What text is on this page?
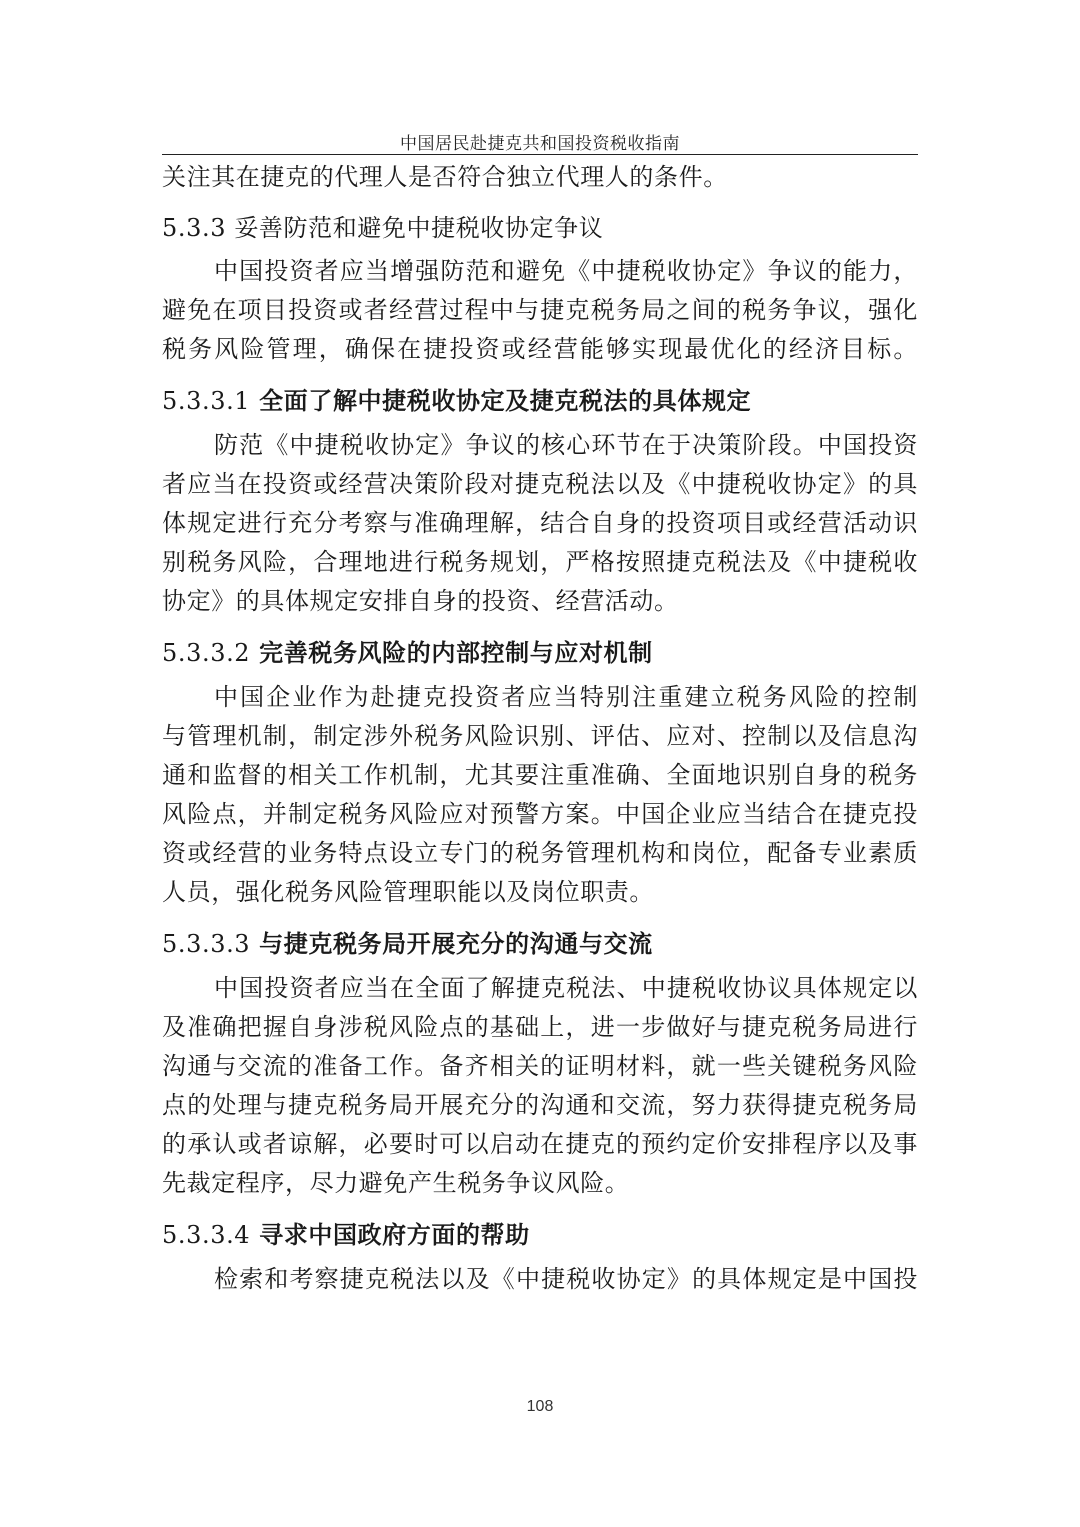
中国居民赴捷克共和国投资税收指南
关注其在捷克的代理人是否符合独立代理人的条件。
5.3.3 妥善防范和避免中捷税收协定争议
中国投资者应当增强防范和避免《中捷税收协定》争议的能力，
避免在项目投资或者经营过程中与捷克税务局之间的税务争议，强化
税务风险管理，确保在捷投资或经营能够实现最优化的经济目标。
5.3.3.1 全面了解中捷税收协定及捷克税法的具体规定
防范《中捷税收协定》争议的核心环节在于决策阶段。中国投资
者应当在投资或经营决策阶段对捷克税法以及《中捷税收协定》的具
体规定进行充分考察与准确理解，结合自身的投资项目或经营活动识
别税务风险，合理地进行税务规划，严格按照捷克税法及《中捷税收
协定》的具体规定安排自身的投资、经营活动。
5.3.3.2 完善税务风险的内部控制与应对机制
中国企业作为赴捷克投资者应当特别注重建立税务风险的控制
与管理机制，制定涉外税务风险识别、评估、应对、控制以及信息沟
通和监督的相关工作机制，尤其要注重准确、全面地识别自身的税务
风险点，并制定税务风险应对预警方案。中国企业应当结合在捷克投
资或经营的业务特点设立专门的税务管理机构和岗位，配备专业素质
人员，强化税务风险管理职能以及岗位职责。
5.3.3.3 与捷克税务局开展充分的沟通与交流
中国投资者应当在全面了解捷克税法、中捷税收协议具体规定以
及准确把握自身涉税风险点的基础上，进一步做好与捷克税务局进行
沟通与交流的准备工作。备齐相关的证明材料，就一些关键税务风险
点的处理与捷克税务局开展充分的沟通和交流，努力获得捷克税务局
的承认或者谅解，必要时可以启动在捷克的预约定价安排程序以及事
先裁定程序，尽力避免产生税务争议风险。
5.3.3.4 寻求中国政府方面的帮助
检索和考察捷克税法以及《中捷税收协定》的具体规定是中国投
108
